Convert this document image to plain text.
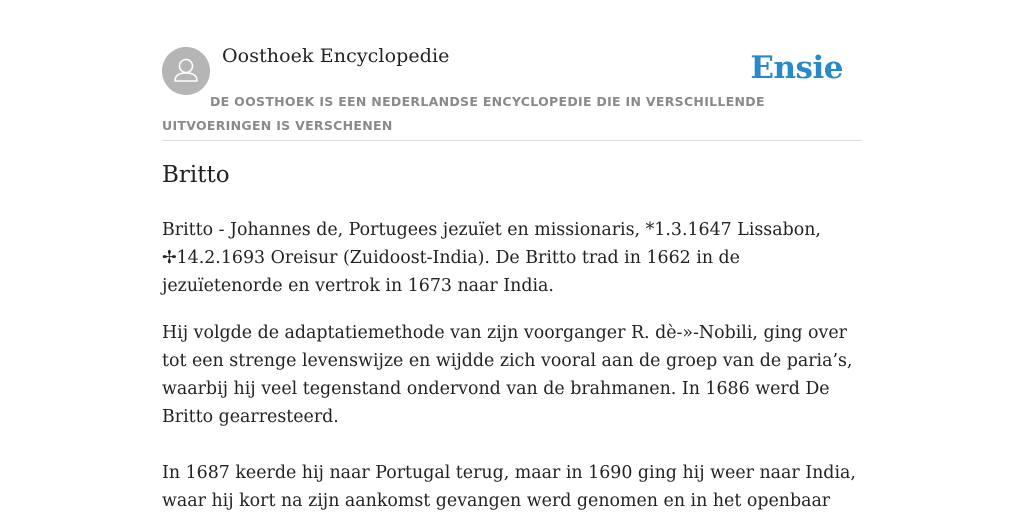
Oosthoek Encyclopedie	Ensie
DE OOSTHOEK IS EEN NEDERLANDSE ENCYCLOPEDIE DIE IN VERSCHILLENDE UITVOERINGEN IS VERSCHENEN
Britto

Britto - Johannes de, Portugees jezuïet en missionaris, *1.3.1647 Lissabon, ✢14.2.1693 Oreisur (Zuidoost-India). De Britto trad in 1662 in de jezuïetenorde en vertrok in 1673 naar India.

Hij volgde de adaptatiemethode van zijn voorganger R. dè-»-Nobili, ging over tot een strenge levenswijze en wijdde zich vooral aan de groep van de paria’s, waarbij hij veel tegenstand ondervond van de brahmanen. In 1686 werd De Britto gearresteerd.

In 1687 keerde hij naar Portugal terug, maar in 1690 ging hij weer naar India, waar hij kort na zijn aankomst gevangen werd genomen en in het openbaar
